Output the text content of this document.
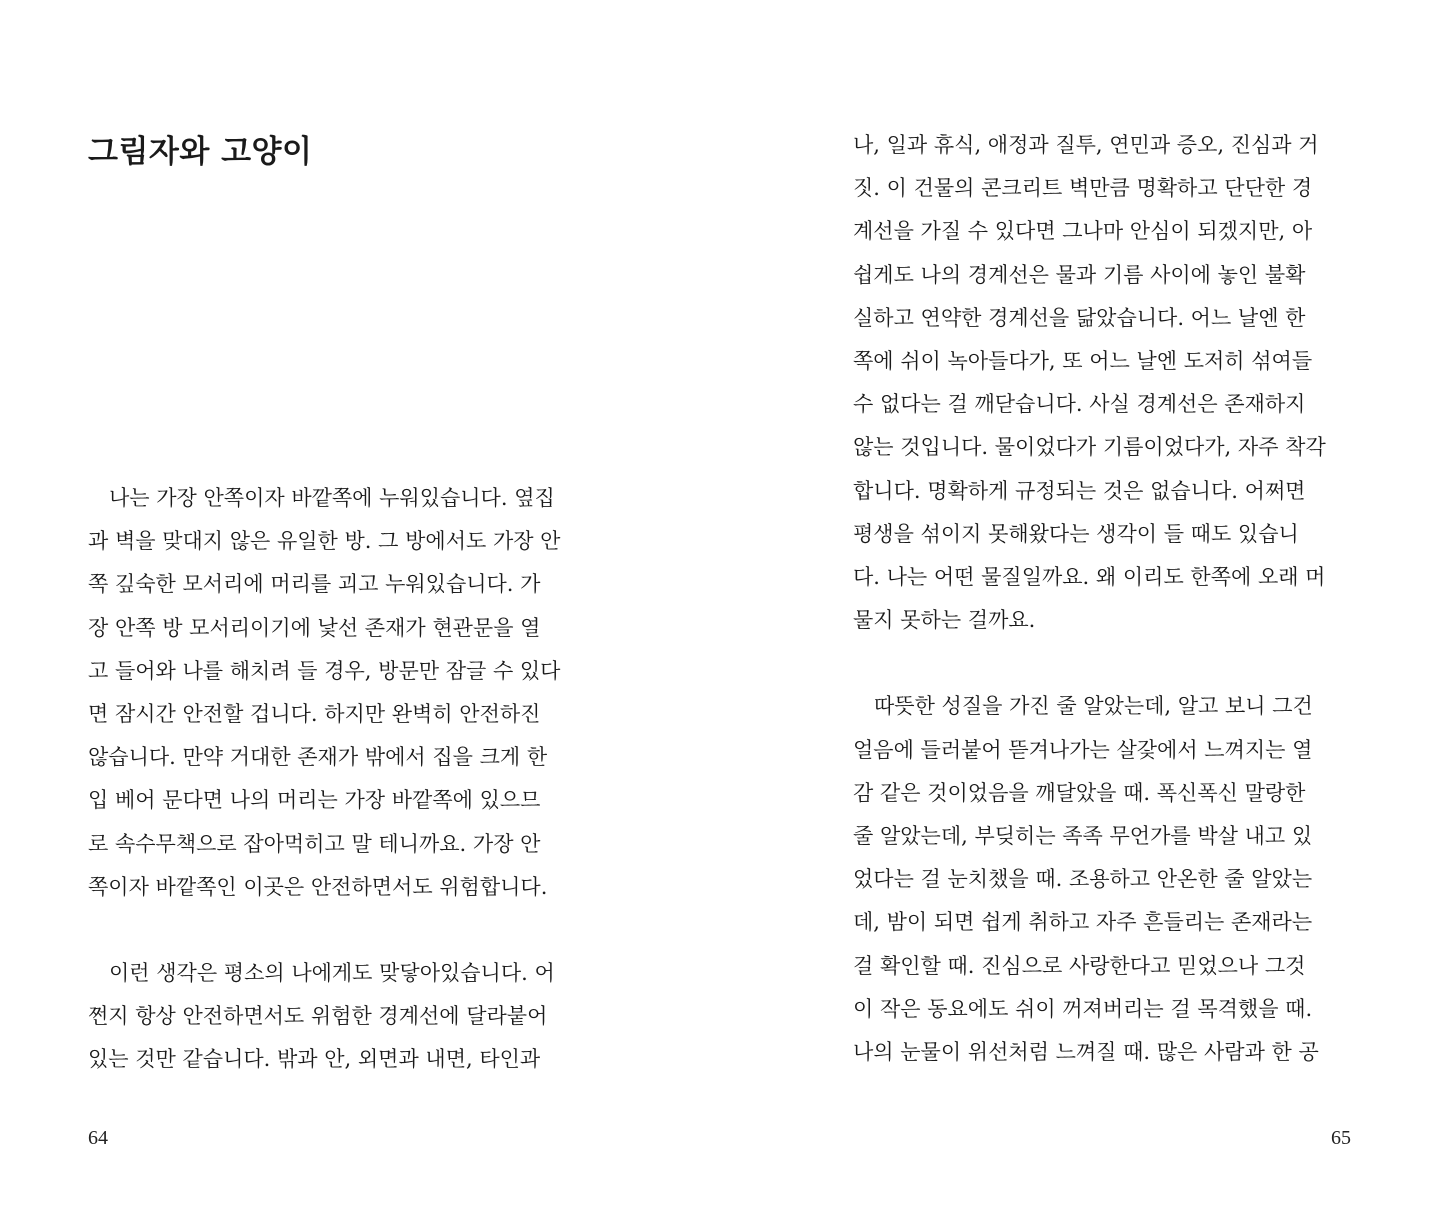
그림자와 고양이
　나는 가장 안쪽이자 바깥쪽에 누워있습니다. 옆집
과 벽을 맞대지 않은 유일한 방. 그 방에서도 가장 안
쪽 깊숙한 모서리에 머리를 괴고 누워있습니다. 가
장 안쪽 방 모서리이기에 낯선 존재가 현관문을 열
고 들어와 나를 해치려 들 경우, 방문만 잠글 수 있다
면 잠시간 안전할 겁니다. 하지만 완벽히 안전하진
않습니다. 만약 거대한 존재가 밖에서 집을 크게 한
입 베어 문다면 나의 머리는 가장 바깥쪽에 있으므
로 속수무책으로 잡아먹히고 말 테니까요. 가장 안
쪽이자 바깥쪽인 이곳은 안전하면서도 위험합니다.
　이런 생각은 평소의 나에게도 맞닿아있습니다. 어
쩐지 항상 안전하면서도 위험한 경계선에 달라붙어
있는 것만 같습니다. 밖과 안, 외면과 내면, 타인과
64	65
나, 일과 휴식, 애정과 질투, 연민과 증오, 진심과 거
짓. 이 건물의 콘크리트 벽만큼 명확하고 단단한 경
계선을 가질 수 있다면 그나마 안심이 되겠지만, 아
쉽게도 나의 경계선은 물과 기름 사이에 놓인 불확
실하고 연약한 경계선을 닮았습니다. 어느 날엔 한
쪽에 쉬이 녹아들다가, 또 어느 날엔 도저히 섞여들
수 없다는 걸 깨닫습니다. 사실 경계선은 존재하지
않는 것입니다. 물이었다가 기름이었다가, 자주 착각
합니다. 명확하게 규정되는 것은 없습니다. 어쩌면
평생을 섞이지 못해왔다는 생각이 들 때도 있습니
다. 나는 어떤 물질일까요. 왜 이리도 한쪽에 오래 머
물지 못하는 걸까요.
　따뜻한 성질을 가진 줄 알았는데, 알고 보니 그건
얼음에 들러붙어 뜯겨나가는 살갗에서 느껴지는 열
감 같은 것이었음을 깨달았을 때. 폭신폭신 말랑한
줄 알았는데, 부딪히는 족족 무언가를 박살 내고 있
었다는 걸 눈치챘을 때. 조용하고 안온한 줄 알았는
데, 밤이 되면 쉽게 취하고 자주 흔들리는 존재라는
걸 확인할 때. 진심으로 사랑한다고 믿었으나 그것
이 작은 동요에도 쉬이 꺼져버리는 걸 목격했을 때.
나의 눈물이 위선처럼 느껴질 때. 많은 사람과 한 공
